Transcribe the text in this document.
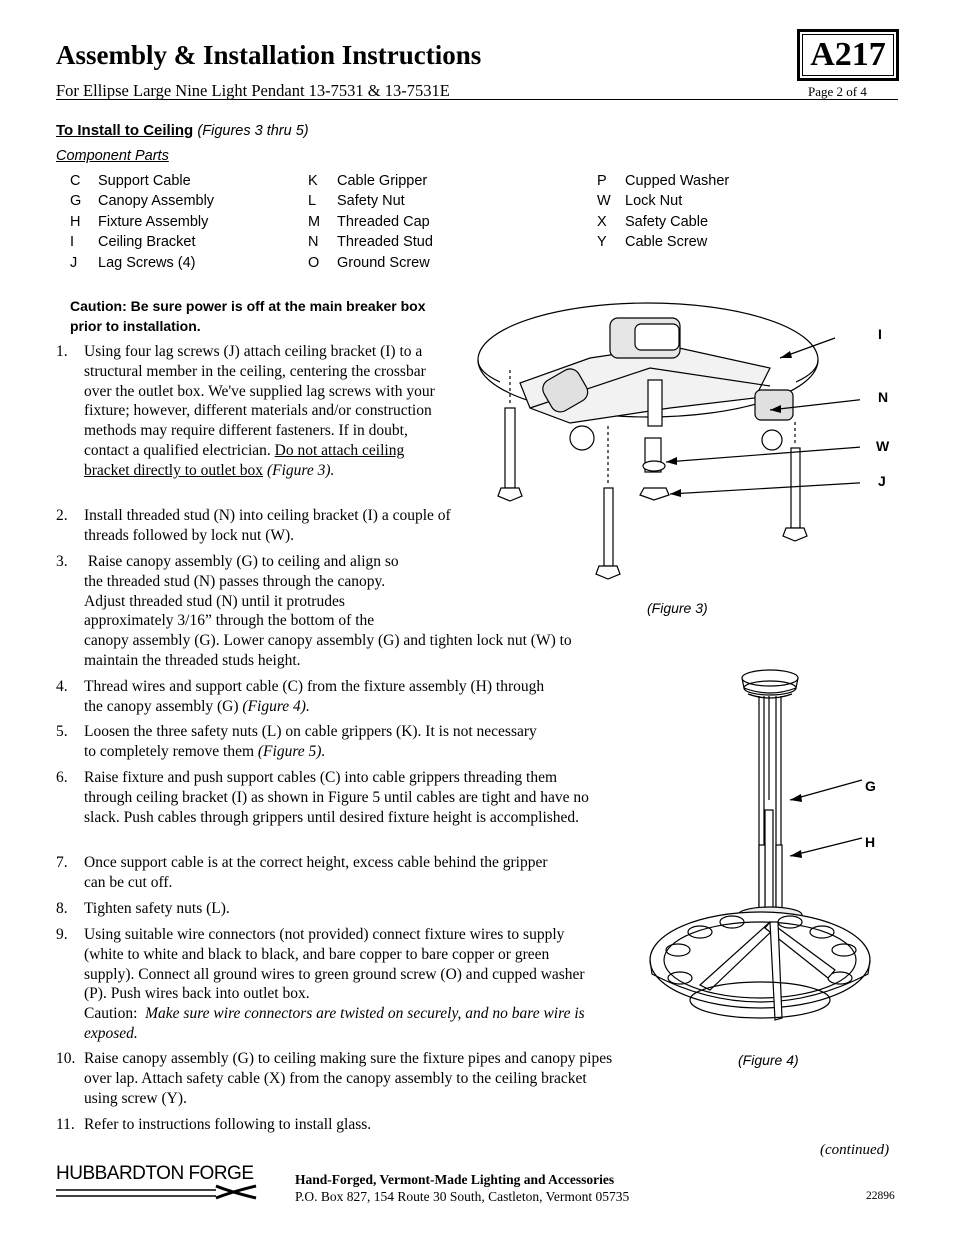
Assembly & Installation Instructions
For Ellipse Large Nine Light Pendant 13-7531 & 13-7531E	Page 2 of 4
A217
To Install to Ceiling (Figures 3 thru 5)
Component Parts
C Support Cable
G Canopy Assembly
H Fixture Assembly
I Ceiling Bracket
J Lag Screws (4)
K Cable Gripper
L Safety Nut
M Threaded Cap
N Threaded Stud
O Ground Screw
P Cupped Washer
W Lock Nut
X Safety Cable
Y Cable Screw
Caution: Be sure power is off at the main breaker box prior to installation.
1. Using four lag screws (J) attach ceiling bracket (I) to a structural member in the ceiling, centering the crossbar over the outlet box. We've supplied lag screws with your fixture; however, different materials and/or construction methods may require different fasteners. If in doubt, contact a qualified electrician. Do not attach ceiling bracket directly to outlet box (Figure 3).
2. Install threaded stud (N) into ceiling bracket (I) a couple of threads followed by lock nut (W).
3.
Raise canopy assembly (G) to ceiling and align so the threaded stud (N) passes through the canopy. Adjust threaded stud (N) until it protrudes approximately 3/16” through the bottom of the canopy assembly (G). Lower canopy assembly (G) and tighten lock nut (W) to maintain the threaded studs height.
4. Thread wires and support cable (C) from the fixture assembly (H) through the canopy assembly (G) (Figure 4).
5. Loosen the three safety nuts (L) on cable grippers (K). It is not necessary to completely remove them (Figure 5).
6. Raise fixture and push support cables (C) into cable grippers threading them through ceiling bracket (I) as shown in Figure 5 until cables are tight and have no slack. Push cables through grippers until desired fixture height is accomplished.
7. Once support cable is at the correct height, excess cable behind the gripper can be cut off.
8. Tighten safety nuts (L).
9. Using suitable wire connectors (not provided) connect fixture wires to supply (white to white and black to black, and bare copper to bare copper or green supply). Connect all ground wires to green ground screw (O) and cupped washer (P). Push wires back into outlet box.
Caution: Make sure wire connectors are twisted on securely, and no bare wire is exposed.
10. Raise canopy assembly (G) to ceiling making sure the fixture pipes and canopy pipes over lap. Attach safety cable (X) from the canopy assembly to the ceiling bracket using screw (Y).
11. Refer to instructions following to install glass.
I
N
W
J
(Figure 3)
G
H
(Figure 4)
(continued)
HUBBARDTON FORGE	Hand-Forged, Vermont-Made Lighting and Accessories
P.O. Box 827, 154 Route 30 South, Castleton, Vermont 05735	22896
